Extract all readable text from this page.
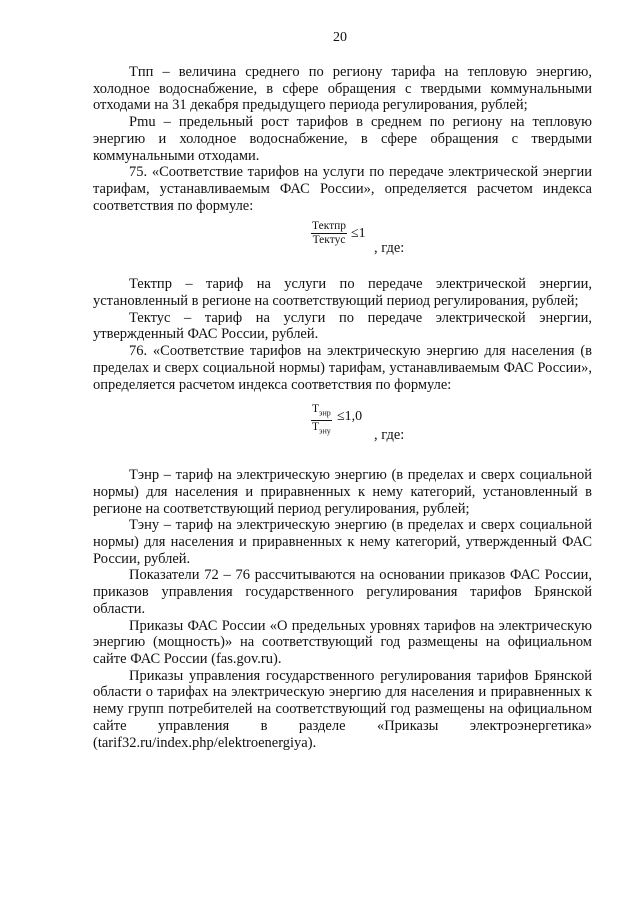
20

Tпп – величина среднего по региону тарифа на тепловую энергию, холодное водоснабжение, в сфере обращения с твердыми коммунальными отходами на 31 декабря предыдущего периода регулирования, рублей;

Pmu – предельный рост тарифов в среднем по региону на тепловую энергию и холодное водоснабжение, в сфере обращения с твердыми коммунальными отходами.

75. «Соответствие тарифов на услуги по передаче электрической энергии тарифам, устанавливаемым ФАС России», определяется расчетом индекса соответствия по формуле:

Тектпр
Тектус ≤1
, где:

Тектпр – тариф на услуги по передаче электрической энергии, установленный в регионе на соответствующий период регулирования, рублей;

Тектус – тариф на услуги по передаче электрической энергии, утвержденный ФАС России, рублей.

76. «Соответствие тарифов на электрическую энергию для населения (в пределах и сверх социальной нормы) тарифам, устанавливаемым ФАС России», определяется расчетом индекса соответствия по формуле:

$Т_{энр}$
$Т_{эну}$
≤1,0
, где:

Тэнр – тариф на электрическую энергию (в пределах и сверх социальной нормы) для населения и приравненных к нему категорий, установленный в регионе на соответствующий период регулирования, рублей;

Тэну – тариф на электрическую энергию (в пределах и сверх социальной нормы) для населения и приравненных к нему категорий, утвержденный ФАС России, рублей.

Показатели 72 – 76 рассчитываются на основании приказов ФАС России, приказов управления государственного регулирования тарифов Брянской области.

Приказы ФАС России «О предельных уровнях тарифов на электрическую энергию (мощность)» на соответствующий год размещены на официальном сайте ФАС России (fas.gov.ru).

Приказы управления государственного регулирования тарифов Брянской области о тарифах на электрическую энергию для населения и приравненных к нему групп потребителей на соответствующий год размещены на официальном сайте управления в разделе «Приказы электроэнергетика» (tarif32.ru/index.php/elektroenergiya).
